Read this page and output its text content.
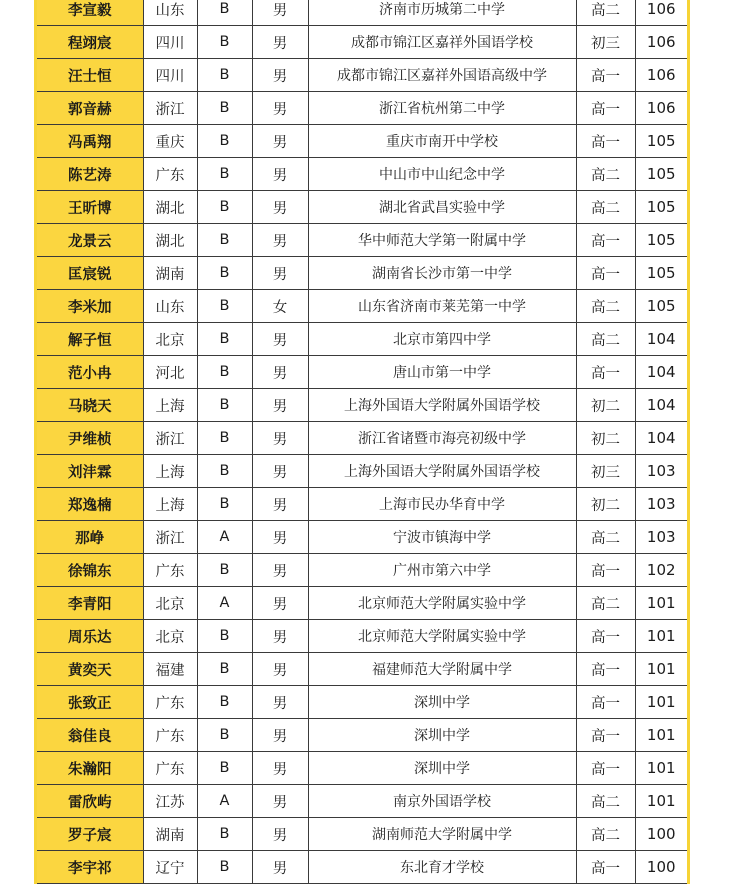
李宣毅	山东	B	男	济南市历城第二中学	高二	106
程翊宸	四川	B	男	成都市锦江区嘉祥外国语学校	初三	106
汪士恒	四川	B	男	成都市锦江区嘉祥外国语高级中学	高一	106
郭音赫	浙江	B	男	浙江省杭州第二中学	高一	106
冯禹翔	重庆	B	男	重庆市南开中学校	高一	105
陈艺涛	广东	B	男	中山市中山纪念中学	高二	105
王昕博	湖北	B	男	湖北省武昌实验中学	高二	105
龙景云	湖北	B	男	华中师范大学第一附属中学	高一	105
匡宸锐	湖南	B	男	湖南省长沙市第一中学	高一	105
李米加	山东	B	女	山东省济南市莱芜第一中学	高二	105
解子恒	北京	B	男	北京市第四中学	高二	104
范小冉	河北	B	男	唐山市第一中学	高一	104
马晓天	上海	B	男	上海外国语大学附属外国语学校	初二	104
尹维桢	浙江	B	男	浙江省诸暨市海亮初级中学	初二	104
刘沣霖	上海	B	男	上海外国语大学附属外国语学校	初三	103
郑逸楠	上海	B	男	上海市民办华育中学	初二	103
那峥	浙江	A	男	宁波市镇海中学	高二	103
徐锦东	广东	B	男	广州市第六中学	高一	102
李青阳	北京	A	男	北京师范大学附属实验中学	高二	101
周乐达	北京	B	男	北京师范大学附属实验中学	高一	101
黄奕天	福建	B	男	福建师范大学附属中学	高一	101
张致正	广东	B	男	深圳中学	高一	101
翁佳良	广东	B	男	深圳中学	高一	101
朱瀚阳	广东	B	男	深圳中学	高一	101
雷欣屿	江苏	A	男	南京外国语学校	高二	101
罗子宸	湖南	B	男	湖南师范大学附属中学	高二	100
李宇祁	辽宁	B	男	东北育才学校	高一	100
